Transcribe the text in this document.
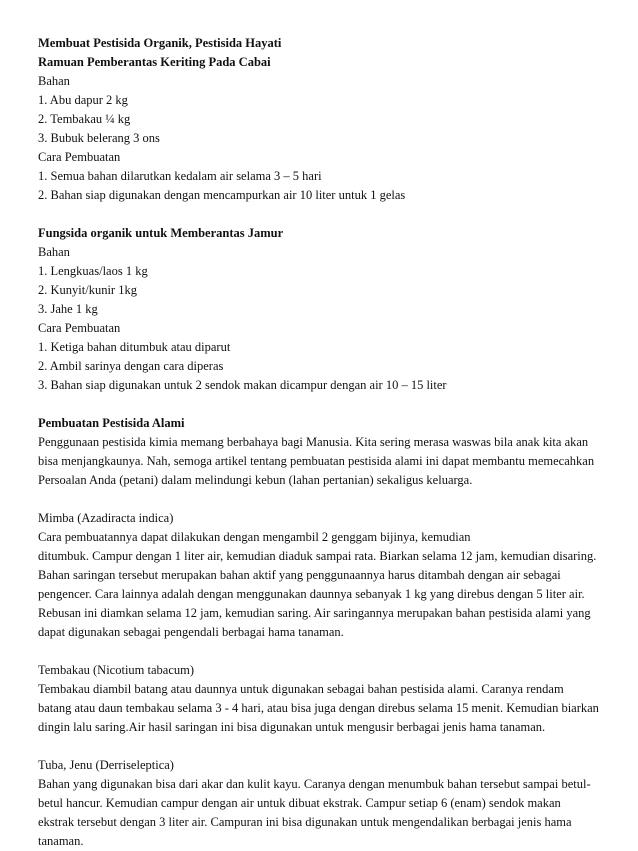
Membuat Pestisida Organik, Pestisida Hayati
Ramuan Pemberantas Keriting Pada Cabai
Bahan
1. Abu dapur 2 kg
2. Tembakau ¼ kg
3. Bubuk belerang 3 ons
Cara Pembuatan
1. Semua bahan dilarutkan kedalam air selama 3 – 5 hari
2. Bahan siap digunakan dengan mencampurkan air 10 liter untuk 1 gelas
Fungsida organik untuk Memberantas Jamur
Bahan
1. Lengkuas/laos 1 kg
2. Kunyit/kunir 1kg
3. Jahe 1 kg
Cara Pembuatan
1. Ketiga bahan ditumbuk atau diparut
2. Ambil sarinya dengan cara diperas
3. Bahan siap digunakan untuk 2 sendok makan dicampur dengan air 10 – 15 liter
Pembuatan Pestisida Alami
Penggunaan pestisida kimia memang berbahaya bagi Manusia. Kita sering merasa waswas bila anak kita akan
bisa menjangkaunya. Nah, semoga artikel tentang pembuatan pestisida alami ini dapat membantu memecahkan
Persoalan Anda (petani) dalam melindungi kebun (lahan pertanian) sekaligus keluarga.
Mimba (Azadiracta indica)
Cara pembuatannya dapat dilakukan dengan mengambil 2 genggam bijinya, kemudian
ditumbuk. Campur dengan 1 liter air, kemudian diaduk sampai rata. Biarkan selama 12 jam, kemudian disaring.
Bahan saringan tersebut merupakan bahan aktif yang penggunaannya harus ditambah dengan air sebagai
pengencer. Cara lainnya adalah dengan menggunakan daunnya sebanyak 1 kg yang direbus dengan 5 liter air.
Rebusan ini diamkan selama 12 jam, kemudian saring. Air saringannya merupakan bahan pestisida alami yang
dapat digunakan sebagai pengendali berbagai hama tanaman.
Tembakau (Nicotium tabacum)
Tembakau diambil batang atau daunnya untuk digunakan sebagai bahan pestisida alami. Caranya rendam
batang atau daun tembakau selama 3 - 4 hari, atau bisa juga dengan direbus selama 15 menit. Kemudian biarkan
dingin lalu saring.Air hasil saringan ini bisa digunakan untuk mengusir berbagai jenis hama tanaman.
Tuba, Jenu (Derriseleptica)
Bahan yang digunakan bisa dari akar dan kulit kayu. Caranya dengan menumbuk bahan tersebut sampai betul-
betul hancur. Kemudian campur dengan air untuk dibuat ekstrak. Campur setiap 6 (enam) sendok makan
ekstrak tersebut dengan 3 liter air. Campuran ini bisa digunakan untuk mengendalikan berbagai jenis hama
tanaman.
